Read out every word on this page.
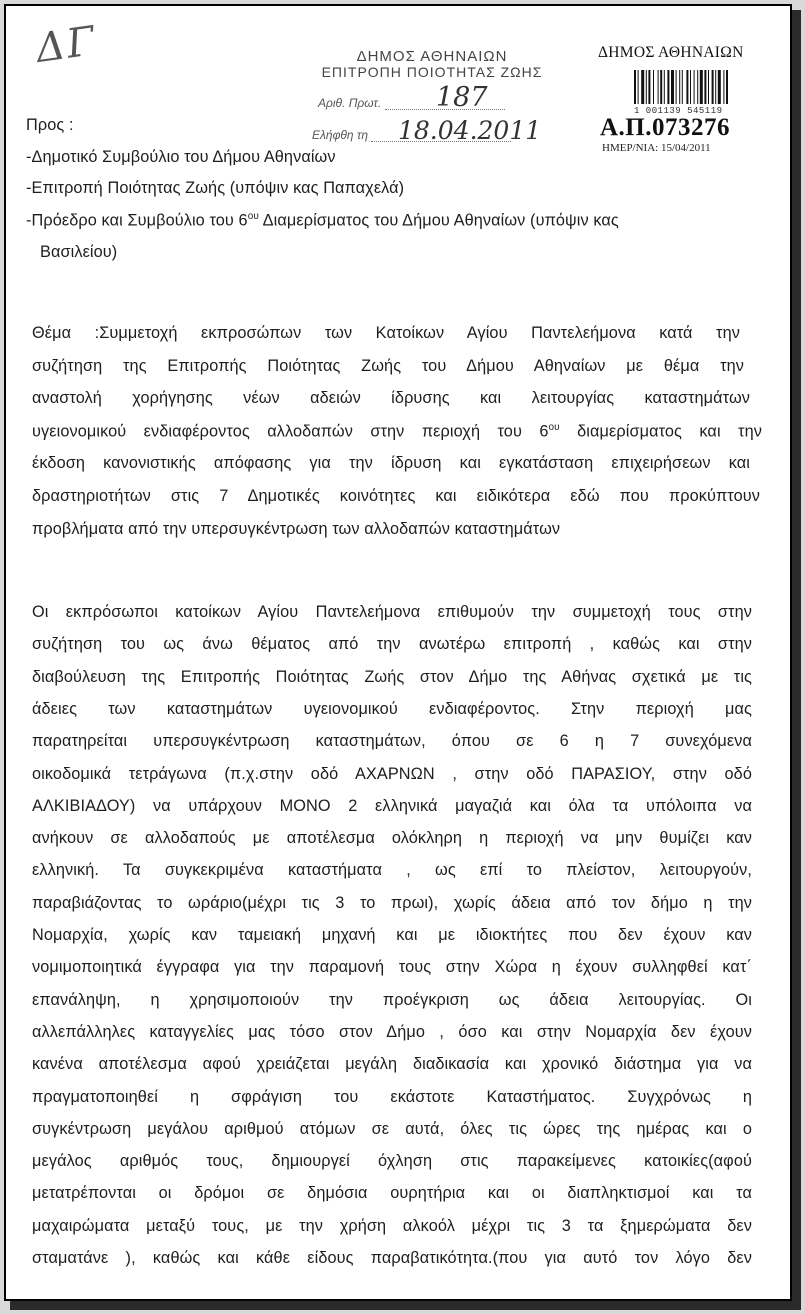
ΔΓ	ΔΗΜΟΣ ΑΘΗΝΑΙΩΝ
ΕΠΙΤΡΟΠΗ ΠΟΙΟΤΗΤΑΣ ΖΩΗΣ
Αριθ. Πρωτ.	187
Ελήφθη τη	18.04.2011
ΔΗΜΟΣ ΑΘΗΝΑΙΩΝ
1 001139 545119
Α.Π.073276
ΗΜΕΡ/ΝΙΑ: 15/04/2011
Προς :
-Δημοτικό Συμβούλιο του Δήμου Αθηναίων
-Επιτροπή Ποιότητας Ζωής (υπόψιν κας Παπαχελά)
-Πρόεδρο και Συμβούλιο του $6^{o\upsilon}$ Διαμερίσματος του Δήμου Αθηναίων (υπόψιν κας
Βασιλείου)
Θέμα :Συμμετοχή εκπροσώπων των Κατοίκων Αγίου Παντελεήμονα κατά την
συζήτηση της Επιτροπής Ποιότητας Ζωής του Δήμου Αθηναίων με θέμα την
αναστολή χορήγησης νέων αδειών ίδρυσης και λειτουργίας καταστημάτων
υγειονομικού ενδιαφέροντος αλλοδαπών στην περιοχή του $6^{o\upsilon}$ διαμερίσματος και την
έκδοση κανονιστικής απόφασης για την ίδρυση και εγκατάσταση επιχειρήσεων και
δραστηριοτήτων στις 7 Δημοτικές κοινότητες και ειδικότερα εδώ που προκύπτουν
προβλήματα από την υπερσυγκέντρωση των αλλοδαπών καταστημάτων
Οι εκπρόσωποι κατοίκων Αγίου Παντελεήμονα επιθυμούν την συμμετοχή τους στην
συζήτηση του ως άνω θέματος από την ανωτέρω επιτροπή , καθώς και στην
διαβούλευση της Επιτροπής Ποιότητας Ζωής στον Δήμο της Αθήνας σχετικά με τις
άδειες των καταστημάτων υγειονομικού ενδιαφέροντος. Στην περιοχή μας
παρατηρείται υπερσυγκέντρωση καταστημάτων, όπου σε 6 η 7 συνεχόμενα
οικοδομικά τετράγωνα (π.χ.στην οδό ΑΧΑΡΝΩΝ , στην οδό ΠΑΡΑΣΙΟΥ, στην οδό
ΑΛΚΙΒΙΑΔΟΥ) να υπάρχουν ΜΟΝΟ 2 ελληνικά μαγαζιά και όλα τα υπόλοιπα να
ανήκουν σε αλλοδαπούς με αποτέλεσμα ολόκληρη η περιοχή να μην θυμίζει καν
ελληνική. Τα συγκεκριμένα καταστήματα , ως επί το πλείστον, λειτουργούν,
παραβιάζοντας το ωράριο(μέχρι τις 3 το πρωι), χωρίς άδεια από τον δήμο η την
Νομαρχία, χωρίς καν ταμειακή μηχανή και με ιδιοκτήτες που δεν έχουν καν
νομιμοποιητικά έγγραφα για την παραμονή τους στην Χώρα η έχουν συλληφθεί κατ΄
επανάληψη, η χρησιμοποιούν την προέγκριση ως άδεια λειτουργίας. Οι
αλλεπάλληλες καταγγελίες μας τόσο στον Δήμο , όσο και στην Νομαρχία δεν έχουν
κανένα αποτέλεσμα αφού χρειάζεται μεγάλη διαδικασία και χρονικό διάστημα για να
πραγματοποιηθεί η σφράγιση του εκάστοτε Καταστήματος. Συγχρόνως η
συγκέντρωση μεγάλου αριθμού ατόμων σε αυτά, όλες τις ώρες της ημέρας και ο
μεγάλος αριθμός τους, δημιουργεί όχληση στις παρακείμενες κατοικίες(αφού
μετατρέπονται οι δρόμοι σε δημόσια ουρητήρια και οι διαπληκτισμοί και τα
μαχαιρώματα μεταξύ τους, με την χρήση αλκοόλ μέχρι τις 3 τα ξημερώματα δεν
σταματάνε ), καθώς και κάθε είδους παραβατικότητα.(που για αυτό τον λόγο δεν
